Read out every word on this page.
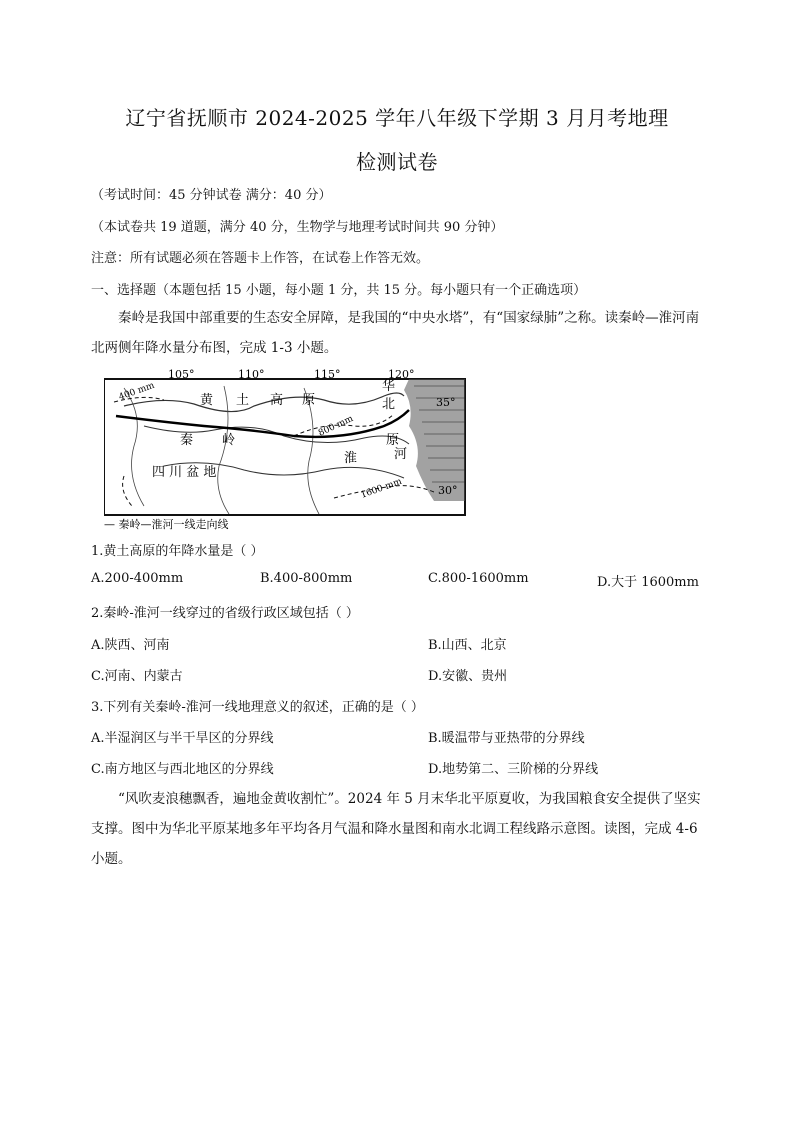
辽宁省抚顺市 2024-2025 学年八年级下学期 3 月月考地理
检测试卷
（考试时间：45 分钟试卷 满分：40 分）
（本试卷共 19 道题，满分 40 分，生物学与地理考试时间共 90 分钟）
注意：所有试题必须在答题卡上作答，在试卷上作答无效。
一、选择题（本题包括 15 小题，每小题 1 分，共 15 分。每小题只有一个正确选项）
秦岭是我国中部重要的生态安全屏障，是我国的“中央水塔”，有“国家绿肺”之称。读秦岭—淮河南北两侧年降水量分布图，完成 1-3 小题。
105°	110°	115°	120°
35°
30°
黄 土 高 原
秦 岭
四 川 盆 地
华
北
原
淮	河
400 mm
800 mm
1600 mm
— 秦岭—淮河一线走向线
1.黄土高原的年降水量是（ ）
A.200-400mm	B.400-800mm	C.800-1600mm	D.大于 1600mm
2.秦岭-淮河一线穿过的省级行政区域包括（ ）
A.陕西、河南	B.山西、北京
C.河南、内蒙古	D.安徽、贵州
3.下列有关秦岭-淮河一线地理意义的叙述，正确的是（ ）
A.半湿润区与半干旱区的分界线	B.暖温带与亚热带的分界线
C.南方地区与西北地区的分界线	D.地势第二、三阶梯的分界线
“风吹麦浪穗飘香，遍地金黄收割忙”。2024 年 5 月末华北平原夏收，为我国粮食安全提供了坚实支撑。图中为华北平原某地多年平均各月气温和降水量图和南水北调工程线路示意图。读图，完成 4-6 小题。
